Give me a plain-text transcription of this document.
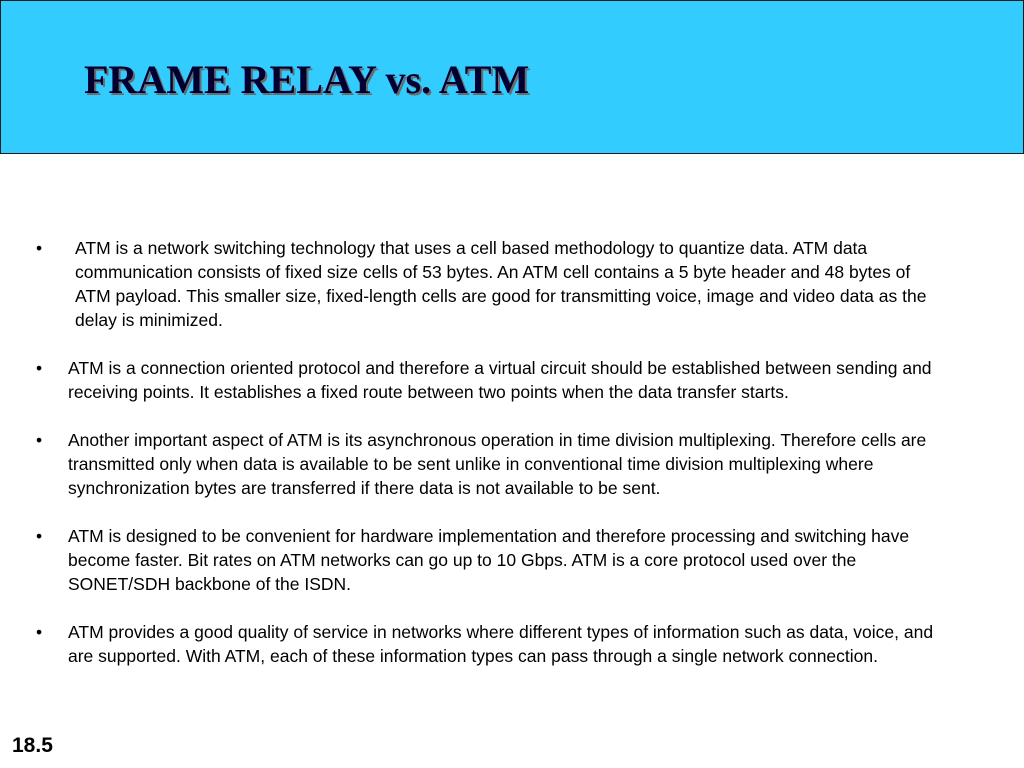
FRAME RELAY vs. ATM
•	ATM is a network switching technology that uses a cell based methodology to quantize data. ATM data communication consists of fixed size cells of 53 bytes. An ATM cell contains a 5 byte header and 48 bytes of ATM payload. This smaller size, fixed-length cells are good for transmitting voice, image and video data as the delay is minimized.
•	ATM is a connection oriented protocol and therefore a virtual circuit should be established between sending and receiving points. It establishes a fixed route between two points when the data transfer starts.
•	Another important aspect of ATM is its asynchronous operation in time division multiplexing. Therefore cells are transmitted only when data is available to be sent unlike in conventional time division multiplexing where synchronization bytes are transferred if there data is not available to be sent.
•	ATM is designed to be convenient for hardware implementation and therefore processing and switching have become faster. Bit rates on ATM networks can go up to 10 Gbps. ATM is a core protocol used over the SONET/SDH backbone of the ISDN.
•	ATM provides a good quality of service in networks where different types of information such as data, voice, and are supported. With ATM, each of these information types can pass through a single network connection.
18.5
